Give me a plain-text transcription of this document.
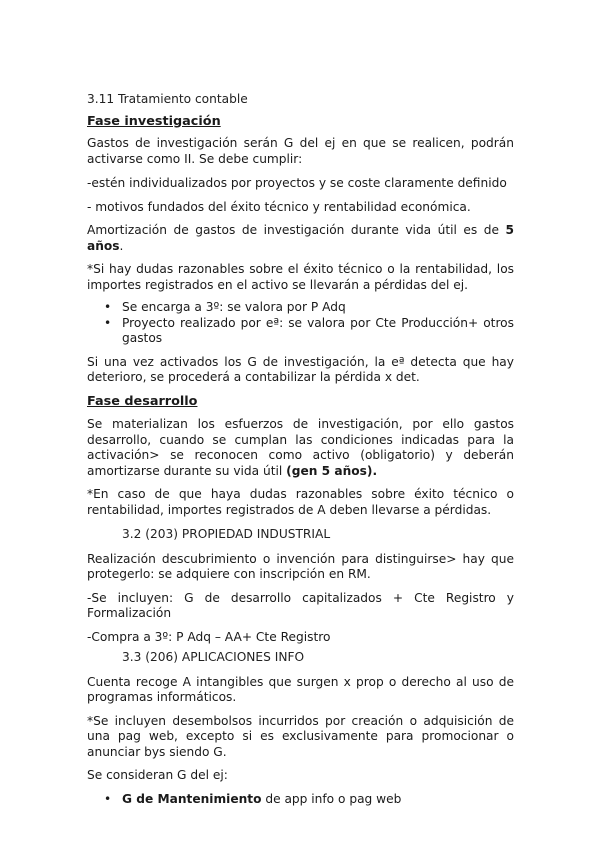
3.11 Tratamiento contable

Fase investigación

Gastos de investigación serán G del ej en que se realicen, podrán activarse como II. Se debe cumplir:

-estén individualizados por proyectos y se coste claramente definido

- motivos fundados del éxito técnico y rentabilidad económica.

Amortización de gastos de investigación durante vida útil es de 5 años.

*Si hay dudas razonables sobre el éxito técnico o la rentabilidad, los importes registrados en el activo se llevarán a pérdidas del ej.

• Se encarga a 3º: se valora por P Adq
• Proyecto realizado por eª: se valora por Cte Producción+ otros gastos

Si una vez activados los G de investigación, la eª detecta que hay deterioro, se procederá a contabilizar la pérdida x det.

Fase desarrollo

Se materializan los esfuerzos de investigación, por ello gastos desarrollo, cuando se cumplan las condiciones indicadas para la activación> se reconocen como activo (obligatorio) y deberán amortizarse durante su vida útil (gen 5 años).

*En caso de que haya dudas razonables sobre éxito técnico o rentabilidad, importes registrados de A deben llevarse a pérdidas.

3.2 (203) PROPIEDAD INDUSTRIAL

Realización descubrimiento o invención para distinguirse> hay que protegerlo: se adquiere con inscripción en RM.

-Se incluyen: G de desarrollo capitalizados + Cte Registro y Formalización

-Compra a 3º: P Adq – AA+ Cte Registro

3.3 (206) APLICACIONES INFO

Cuenta recoge A intangibles que surgen x prop o derecho al uso de programas informáticos.

*Se incluyen desembolsos incurridos por creación o adquisición de una pag web, excepto si es exclusivamente para promocionar o anunciar bys siendo G.

Se consideran G del ej:

• G de Mantenimiento de app info o pag web
